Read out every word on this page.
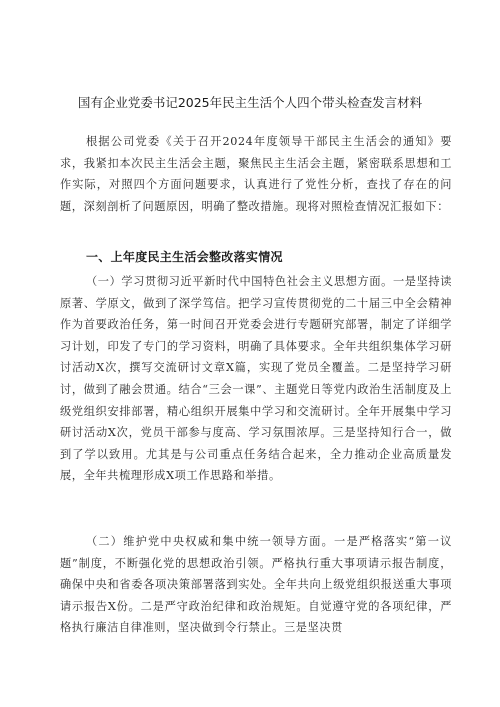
国有企业党委书记2025年民主生活个人四个带头检查发言材料

根据公司党委《关于召开2024年度领导干部民主生活会的通知》要求，我紧扣本次民主生活会主题，聚焦民主生活会主题，紧密联系思想和工作实际，对照四个方面问题要求，认真进行了党性分析，查找了存在的问题，深刻剖析了问题原因，明确了整改措施。现将对照检查情况汇报如下：

一、上年度民主生活会整改落实情况

（一）学习贯彻习近平新时代中国特色社会主义思想方面。一是坚持读原著、学原文，做到了深学笃信。把学习宣传贯彻党的二十届三中全会精神作为首要政治任务，第一时间召开党委会进行专题研究部署，制定了详细学习计划，印发了专门的学习资料，明确了具体要求。全年共组织集体学习研讨活动X次，撰写交流研讨文章X篇，实现了党员全覆盖。二是坚持学习研讨，做到了融会贯通。结合“三会一课”、主题党日等党内政治生活制度及上级党组织安排部署，精心组织开展集中学习和交流研讨。全年开展集中学习研讨活动X次，党员干部参与度高、学习氛围浓厚。三是坚持知行合一，做到了学以致用。尤其是与公司重点任务结合起来，全力推动企业高质量发展，全年共梳理形成X项工作思路和举措。

（二）维护党中央权威和集中统一领导方面。一是严格落实“第一议题”制度，不断强化党的思想政治引领。严格执行重大事项请示报告制度，确保中央和省委各项决策部署落到实处。全年共向上级党组织报送重大事项请示报告X份。二是严守政治纪律和政治规矩。自觉遵守党的各项纪律，严格执行廉洁自律准则，坚决做到令行禁止。三是坚决贯
